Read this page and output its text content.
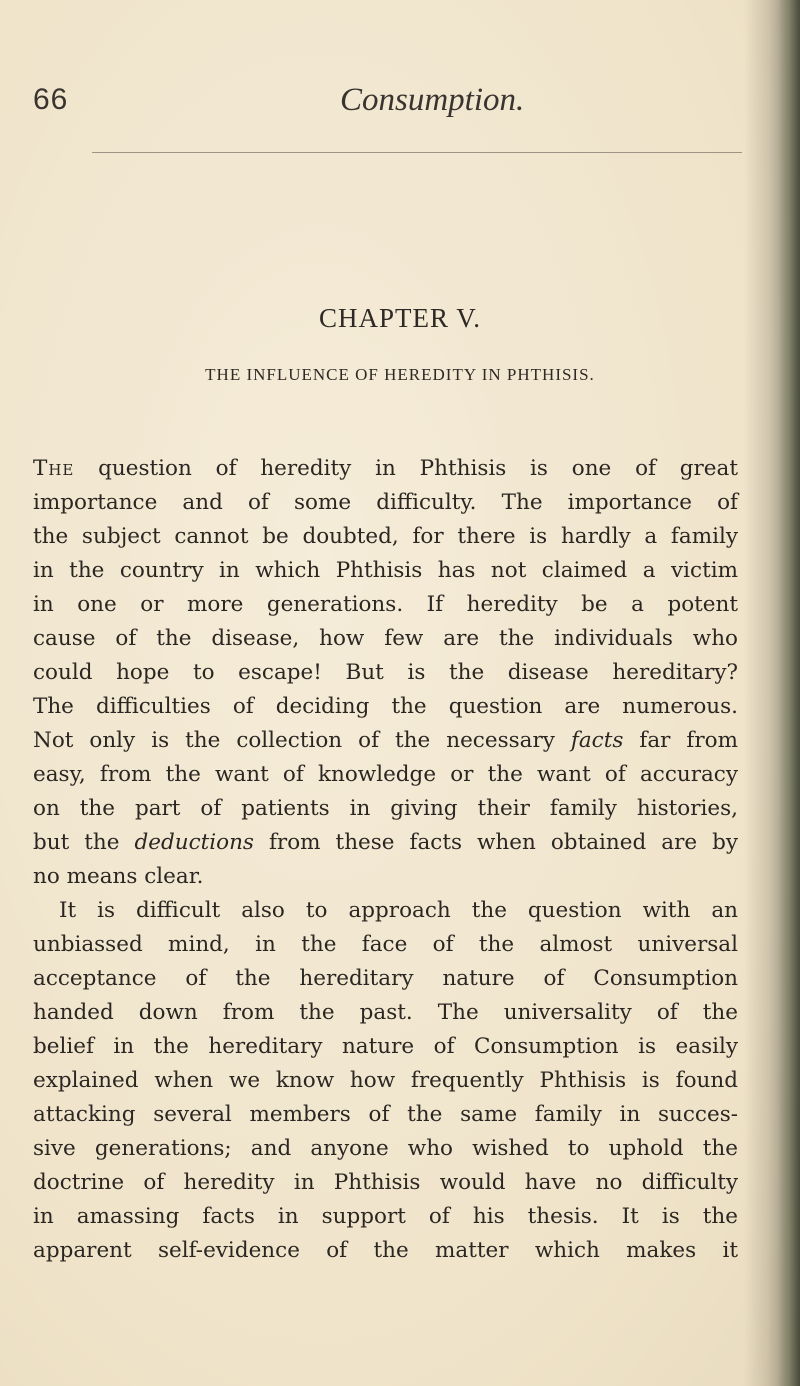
66	Consumption.
CHAPTER V.
THE INFLUENCE OF HEREDITY IN PHTHISIS.
The question of heredity in Phthisis is one of great
importance and of some difficulty. The importance of
the subject cannot be doubted, for there is hardly a family
in the country in which Phthisis has not claimed a victim
in one or more generations. If heredity be a potent
cause of the disease, how few are the individuals who
could hope to escape! But is the disease hereditary?
The difficulties of deciding the question are numerous.
Not only is the collection of the necessary facts far from
easy, from the want of knowledge or the want of accuracy
on the part of patients in giving their family histories,
but the deductions from these facts when obtained are by
no means clear.
It is difficult also to approach the question with an
unbiassed mind, in the face of the almost universal
acceptance of the hereditary nature of Consumption
handed down from the past. The universality of the
belief in the hereditary nature of Consumption is easily
explained when we know how frequently Phthisis is found
attacking several members of the same family in succes-
sive generations; and anyone who wished to uphold the
doctrine of heredity in Phthisis would have no difficulty
in amassing facts in support of his thesis. It is the
apparent self-evidence of the matter which makes it
